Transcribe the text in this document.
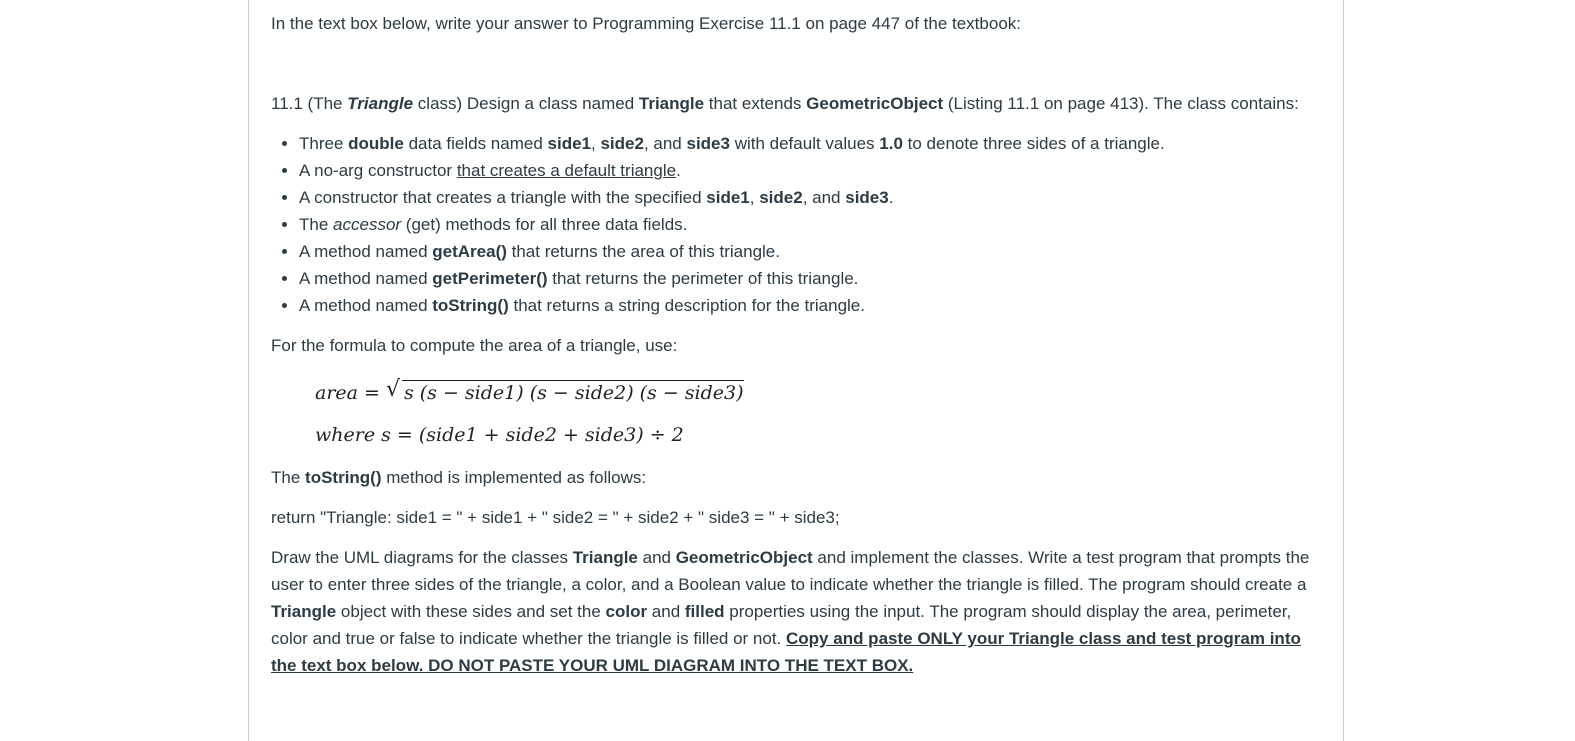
In the text box below, write your answer to Programming Exercise 11.1 on page 447 of the textbook:

11.1 (The Triangle class) Design a class named Triangle that extends GeometricObject (Listing 11.1 on page 413). The class contains:

• Three double data fields named side1, side2, and side3 with default values 1.0 to denote three sides of a triangle.
• A no-arg constructor that creates a default triangle.
• A constructor that creates a triangle with the specified side1, side2, and side3.
• The accessor (get) methods for all three data fields.
• A method named getArea() that returns the area of this triangle.
• A method named getPerimeter() that returns the perimeter of this triangle.
• A method named toString() that returns a string description for the triangle.

For the formula to compute the area of a triangle, use:

area = √ s (s − side1) (s − side2) (s − side3)
where s = (side1 + side2 + side3) ÷ 2

The toString() method is implemented as follows:

return "Triangle: side1 = " + side1 + " side2 = " + side2 + " side3 = " + side3;

Draw the UML diagrams for the classes Triangle and GeometricObject and implement the classes. Write a test program that prompts the user to enter three sides of the triangle, a color, and a Boolean value to indicate whether the triangle is filled. The program should create a Triangle object with these sides and set the color and filled properties using the input. The program should display the area, perimeter, color and true or false to indicate whether the triangle is filled or not. Copy and paste ONLY your Triangle class and test program into the text box below. DO NOT PASTE YOUR UML DIAGRAM INTO THE TEXT BOX.
